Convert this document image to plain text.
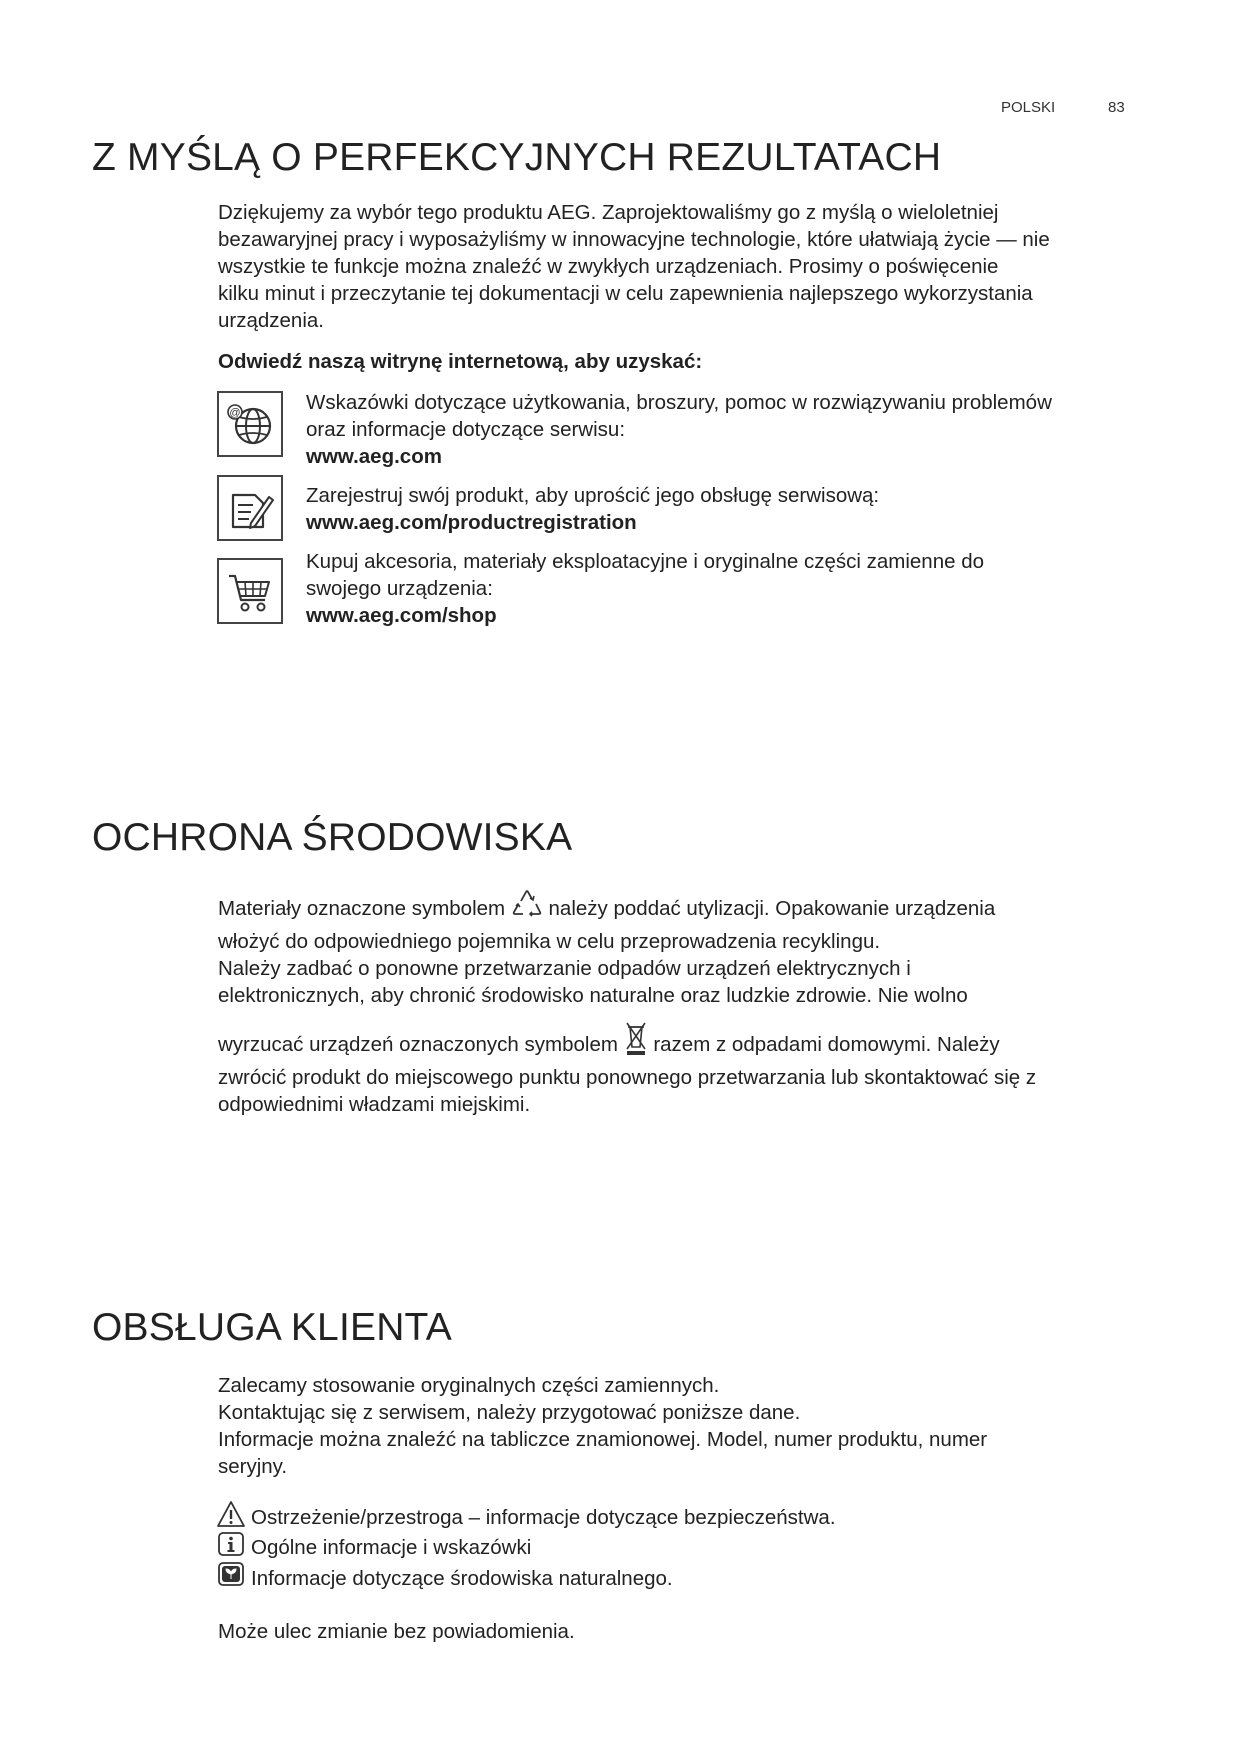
POLSKI	83
Z MYŚLĄ O PERFEKCYJNYCH REZULTATACH
Dziękujemy za wybór tego produktu AEG. Zaprojektowaliśmy go z myślą o wieloletniej
bezawaryjnej pracy i wyposażyliśmy w innowacyjne technologie, które ułatwiają życie — nie
wszystkie te funkcje można znaleźć w zwykłych urządzeniach. Prosimy o poświęcenie
kilku minut i przeczytanie tej dokumentacji w celu zapewnienia najlepszego wykorzystania
urządzenia.
Odwiedź naszą witrynę internetową, aby uzyskać:
@	Wskazówki dotyczące użytkowania, broszury, pomoc w rozwiązywaniu problemów
oraz informacje dotyczące serwisu:
www.aeg.com
Zarejestruj swój produkt, aby uprościć jego obsługę serwisową:
www.aeg.com/productregistration
Kupuj akcesoria, materiały eksploatacyjne i oryginalne części zamienne do
swojego urządzenia:
www.aeg.com/shop
OCHRONA ŚRODOWISKA
Materiały oznaczone symbolem należy poddać utylizacji. Opakowanie urządzenia
włożyć do odpowiedniego pojemnika w celu przeprowadzenia recyklingu.
Należy zadbać o ponowne przetwarzanie odpadów urządzeń elektrycznych i
elektronicznych, aby chronić środowisko naturalne oraz ludzkie zdrowie. Nie wolno
wyrzucać urządzeń oznaczonych symbolem razem z odpadami domowymi. Należy
zwrócić produkt do miejscowego punktu ponownego przetwarzania lub skontaktować się z
odpowiednimi władzami miejskimi.
OBSŁUGA KLIENTA
Zalecamy stosowanie oryginalnych części zamiennych.
Kontaktując się z serwisem, należy przygotować poniższe dane.
Informacje można znaleźć na tabliczce znamionowej. Model, numer produktu, numer
seryjny.
Ostrzeżenie/przestroga – informacje dotyczące bezpieczeństwa.
Ogólne informacje i wskazówki
Informacje dotyczące środowiska naturalnego.
Może ulec zmianie bez powiadomienia.
